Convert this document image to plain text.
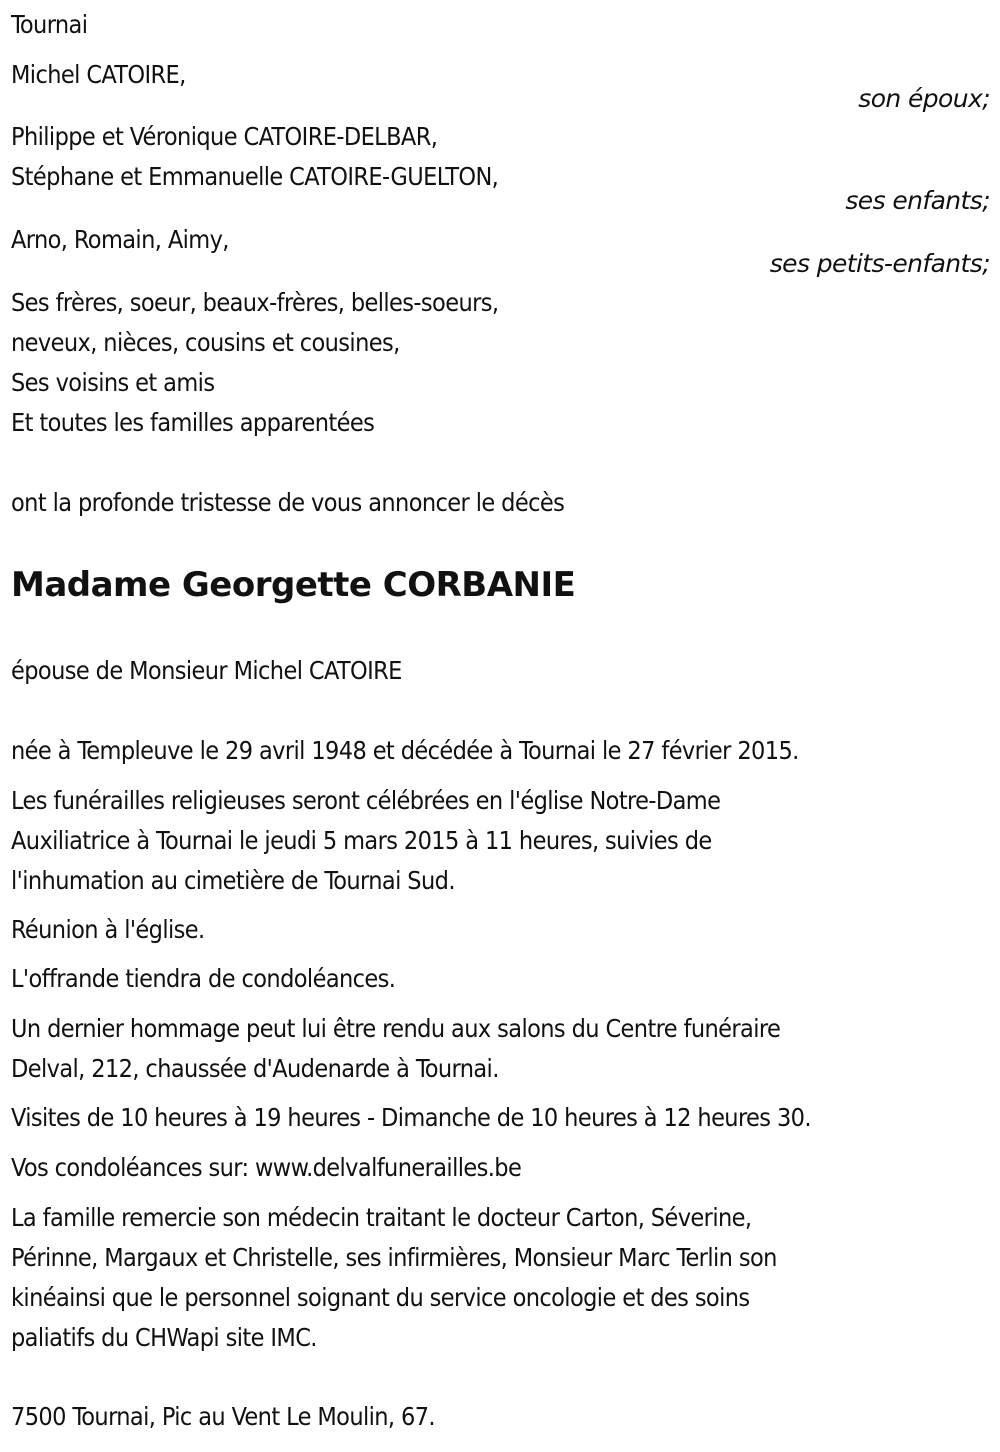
Tournai
Michel CATOIRE,
son époux;
Philippe et Véronique CATOIRE-DELBAR,
Stéphane et Emmanuelle CATOIRE-GUELTON,
ses enfants;
Arno, Romain, Aimy,
ses petits-enfants;
Ses frères, soeur, beaux-frères, belles-soeurs,
neveux, nièces, cousins et cousines,
Ses voisins et amis
Et toutes les familles apparentées
ont la profonde tristesse de vous annoncer le décès
Madame Georgette CORBANIE
épouse de Monsieur Michel CATOIRE
née à Templeuve le 29 avril 1948 et décédée à Tournai le 27 février 2015.
Les funérailles religieuses seront célébrées en l'église Notre-Dame
Auxiliatrice à Tournai le jeudi 5 mars 2015 à 11 heures, suivies de
l'inhumation au cimetière de Tournai Sud.
Réunion à l'église.
L'offrande tiendra de condoléances.
Un dernier hommage peut lui être rendu aux salons du Centre funéraire
Delval, 212, chaussée d'Audenarde à Tournai.
Visites de 10 heures à 19 heures - Dimanche de 10 heures à 12 heures 30.
Vos condoléances sur: www.delvalfunerailles.be
La famille remercie son médecin traitant le docteur Carton, Séverine,
Périnne, Margaux et Christelle, ses infirmières, Monsieur Marc Terlin son
kinéainsi que le personnel soignant du service oncologie et des soins
paliatifs du CHWapi site IMC.
7500 Tournai, Pic au Vent Le Moulin, 67.
